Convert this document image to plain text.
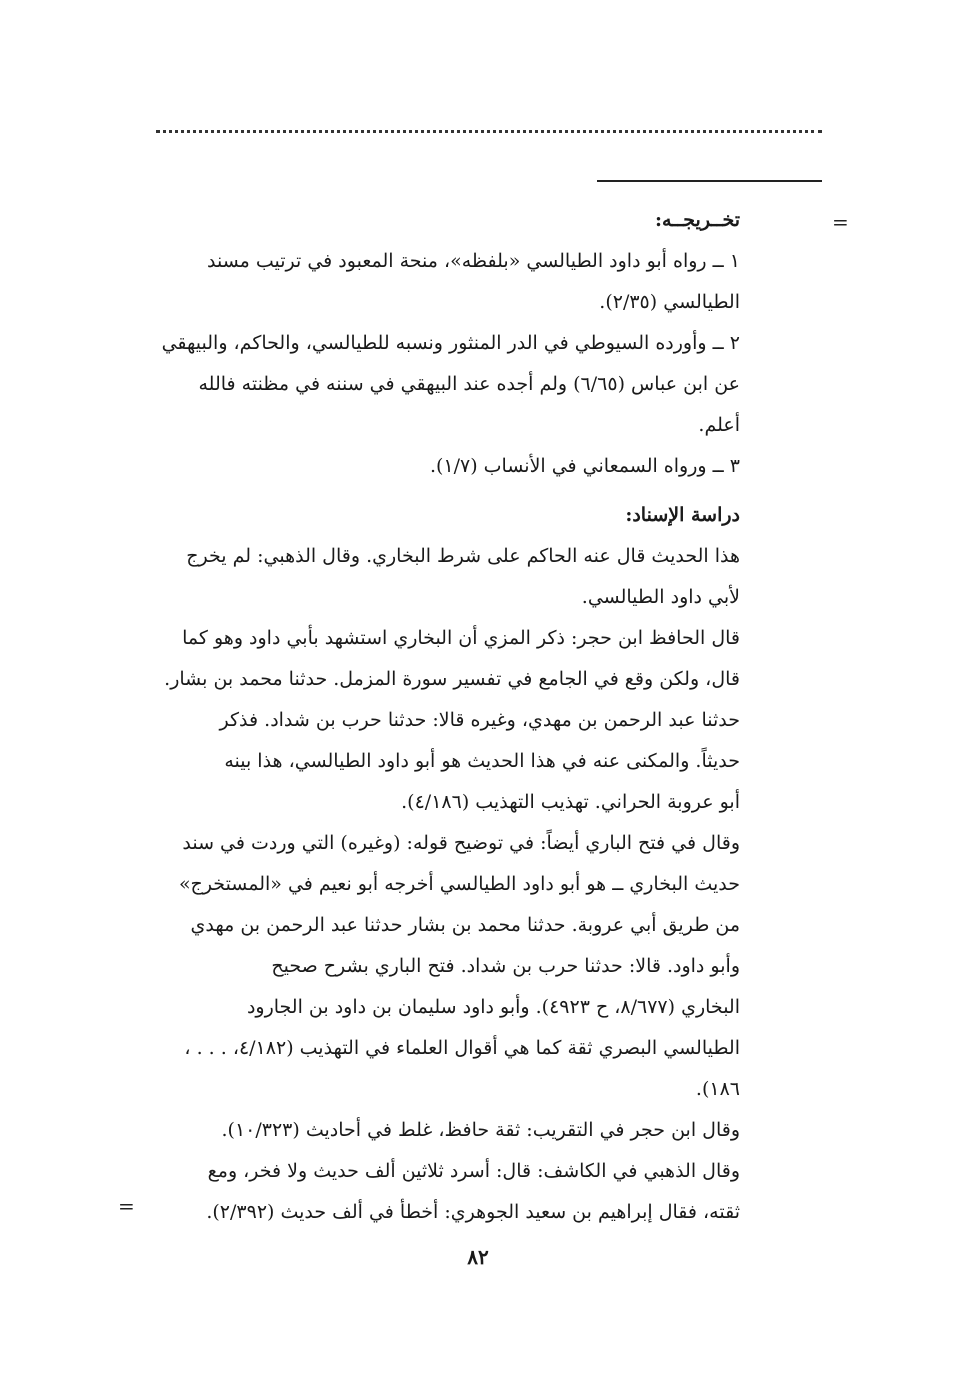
=
تخــريجــه:
١ ــ رواه أبو داود الطيالسي «بلفظه»، منحة المعبود في ترتيب مسند
الطيالسي (٢/٣٥).
٢ ــ وأورده السيوطي في الدر المنثور ونسبه للطيالسي، والحاكم، والبيهقي
عن ابن عباس (٦/٦٥) ولم أجده عند البيهقي في سننه في مظنته فالله
أعلم.
٣ ــ ورواه السمعاني في الأنساب (١/٧).
دراسة الإسناد:
هذا الحديث قال عنه الحاكم على شرط البخاري. وقال الذهبي: لم يخرج
لأبي داود الطيالسي.
قال الحافظ ابن حجر: ذكر المزي أن البخاري استشهد بأبي داود وهو كما
قال، ولكن وقع في الجامع في تفسير سورة المزمل. حدثنا محمد بن بشار.
حدثنا عبد الرحمن بن مهدي، وغيره قالا: حدثنا حرب بن شداد. فذكر
حديثاً. والمكنى عنه في هذا الحديث هو أبو داود الطيالسي، هذا بينه
أبو عروبة الحراني. تهذيب التهذيب (٤/١٨٦).
وقال في فتح الباري أيضاً: في توضيح قوله: (وغيره) التي وردت في سند
حديث البخاري ــ هو أبو داود الطيالسي أخرجه أبو نعيم في «المستخرج»
من طريق أبي عروبة. حدثنا محمد بن بشار حدثنا عبد الرحمن بن مهدي
وأبو داود. قالا: حدثنا حرب بن شداد. فتح الباري بشرح صحيح
البخاري (٨/٦٧٧، ح ٤٩٢٣). وأبو داود سليمان بن داود بن الجارود
الطيالسي البصري ثقة كما هي أقوال العلماء في التهذيب (٤/١٨٢، . . . ،
١٨٦).
وقال ابن حجر في التقريب: ثقة حافظ، غلط في أحاديث (١٠/٣٢٣).
وقال الذهبي في الكاشف: قال: أسرد ثلاثين ألف حديث ولا فخر، ومع
ثقته، فقال إبراهيم بن سعيد الجوهري: أخطأ في ألف حديث (٢/٣٩٢).
=
٨٢
